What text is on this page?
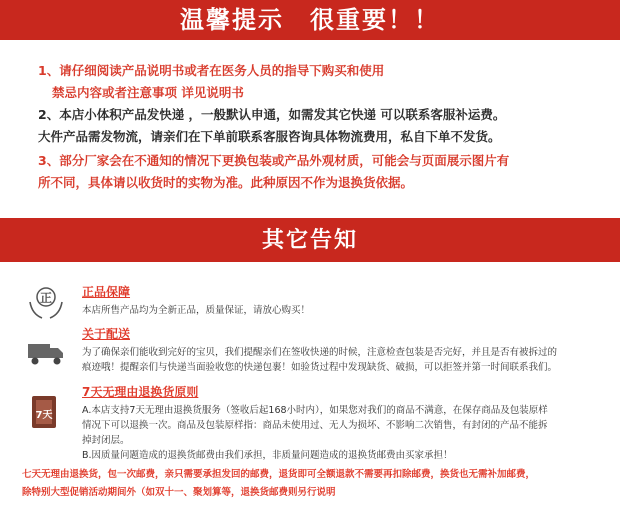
温馨提示　很重要！！
1、请仔细阅读产品说明书或者在医务人员的指导下购买和使用
禁忌内容或者注意事项 详见说明书
2、本店小体积产品发快递 ，一般默认申通，如需发其它快递 可以联系客服补运费。
大件产品需发物流，请亲们在下单前联系客服咨询具体物流费用，私自下单不发货。
3、部分厂家会在不通知的情况下更换包装或产品外观材质，可能会与页面展示图片有
所不同，具体请以收货时的实物为准。此种原因不作为退换货依据。
其它告知
正 正品保障
本店所售产品均为全新正品，质量保证，请放心购买！
关于配送
为了确保亲们能收到完好的宝贝，我们提醒亲们在签收快递的时候，注意检查包装是否完好，并且是否有被拆过的
痕迹哦！提醒亲们与快递当面验收您的快递包裹！如验货过程中发现缺货、破损，可以拒签并第一时间联系我们。
7天
7天无理由退换货原则
A.本店支持7天无理由退换货服务（签收后起168小时内），如果您对我们的商品不满意，在保存商品及包装原样
情况下可以退换一次。商品及包装原样指：商品未使用过、无人为损坏、不影响二次销售，有封闭的产品不能拆
掉封闭层。
B.因质量问题造成的退换货邮费由我们承担，非质量问题造成的退换货邮费由买家承担！
七天无理由退换货，包一次邮费，亲只需要承担发回的邮费，退货即可全额退款不需要再扣除邮费，换货也无需补加邮费，
除特别大型促销活动期间外（如双十一、聚划算等，退换货邮费则另行说明
